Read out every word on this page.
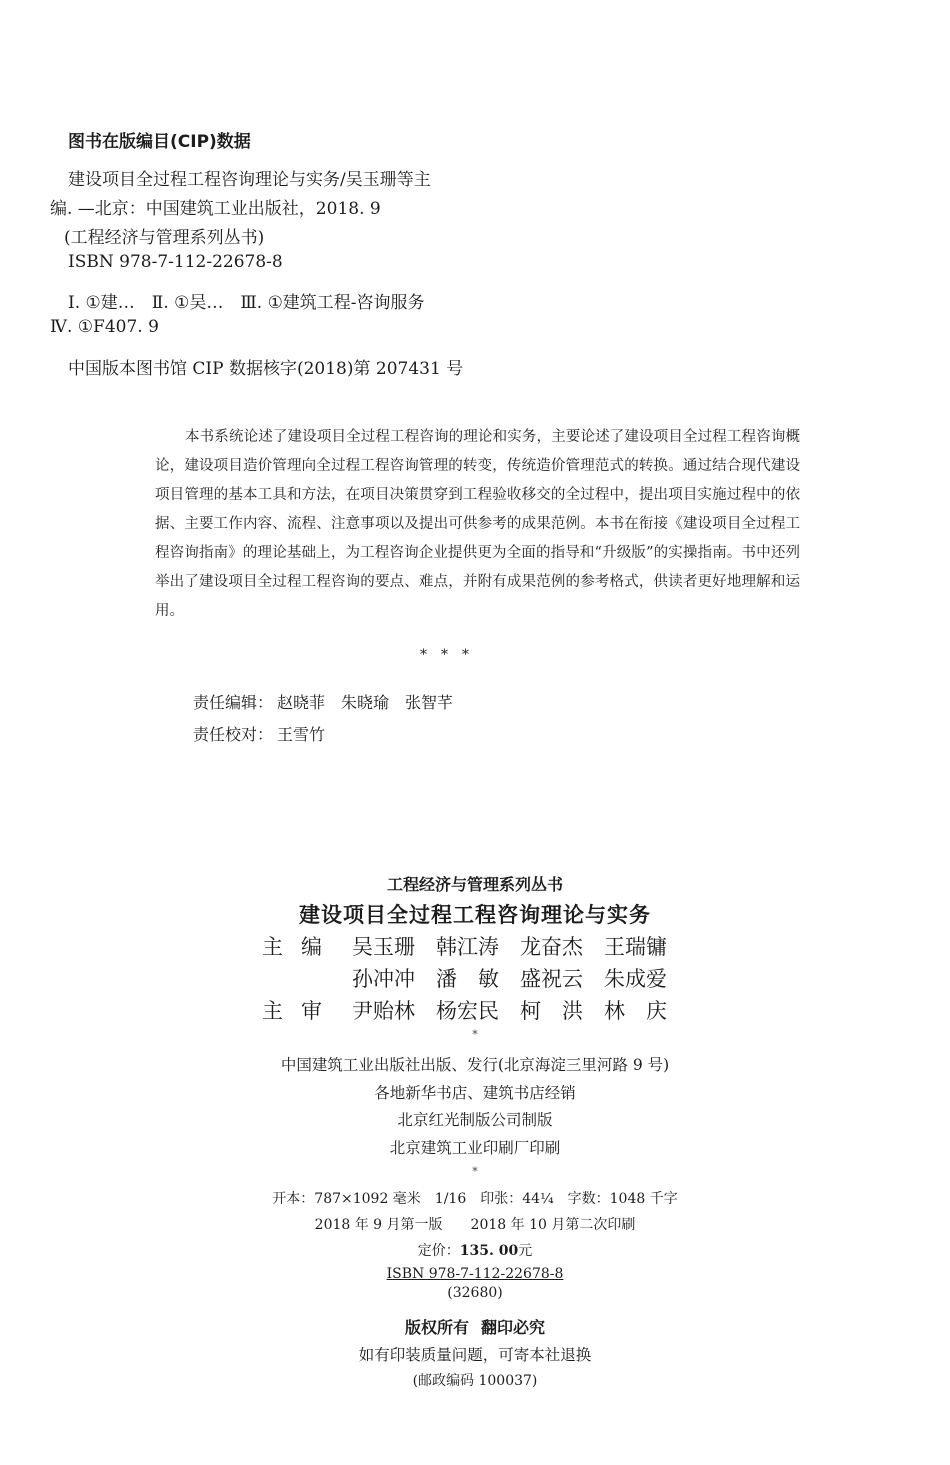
图书在版编目(CIP)数据
建设项目全过程工程咨询理论与实务/吴玉珊等主
编. —北京：中国建筑工业出版社，2018. 9
(工程经济与管理系列丛书)
ISBN 978-7-112-22678-8
Ⅰ. ①建…　Ⅱ. ①吴…　Ⅲ. ①建筑工程-咨询服务
Ⅳ. ①F407. 9
中国版本图书馆 CIP 数据核字(2018)第 207431 号
本书系统论述了建设项目全过程工程咨询的理论和实务，主要论述了建设项目全过程工程咨询概论，建设项目造价管理向全过程工程咨询管理的转变，传统造价管理范式的转换。通过结合现代建设项目管理的基本工具和方法，在项目决策贯穿到工程验收移交的全过程中，提出项目实施过程中的依据、主要工作内容、流程、注意事项以及提出可供参考的成果范例。本书在衔接《建设项目全过程工程咨询指南》的理论基础上，为工程咨询企业提供更为全面的指导和“升级版”的实操指南。书中还列举出了建设项目全过程工程咨询的要点、难点，并附有成果范例的参考格式，供读者更好地理解和运用。
*　*　*
责任编辑： 赵晓菲 朱晓瑜 张智芊
责任校对： 王雪竹
工程经济与管理系列丛书
建设项目全过程工程咨询理论与实务
主编 吴玉珊　韩江涛　龙奋杰　王瑞镛
孙冲冲　潘　敏　盛祝云　朱成爱
主审 尹贻林　杨宏民　柯　洪　林　庆
*
中国建筑工业出版社出版、发行(北京海淀三里河路 9 号)
各地新华书店、建筑书店经销
北京红光制版公司制版
北京建筑工业印刷厂印刷
*
开本：787×1092 毫米　1/16　印张：44¼　字数：1048 千字
2018 年 9 月第一版　　2018 年 10 月第二次印刷
定价：135. 00元
ISBN 978-7-112-22678-8
(32680)
版权所有 翻印必究
如有印装质量问题，可寄本社退换
(邮政编码 100037)
